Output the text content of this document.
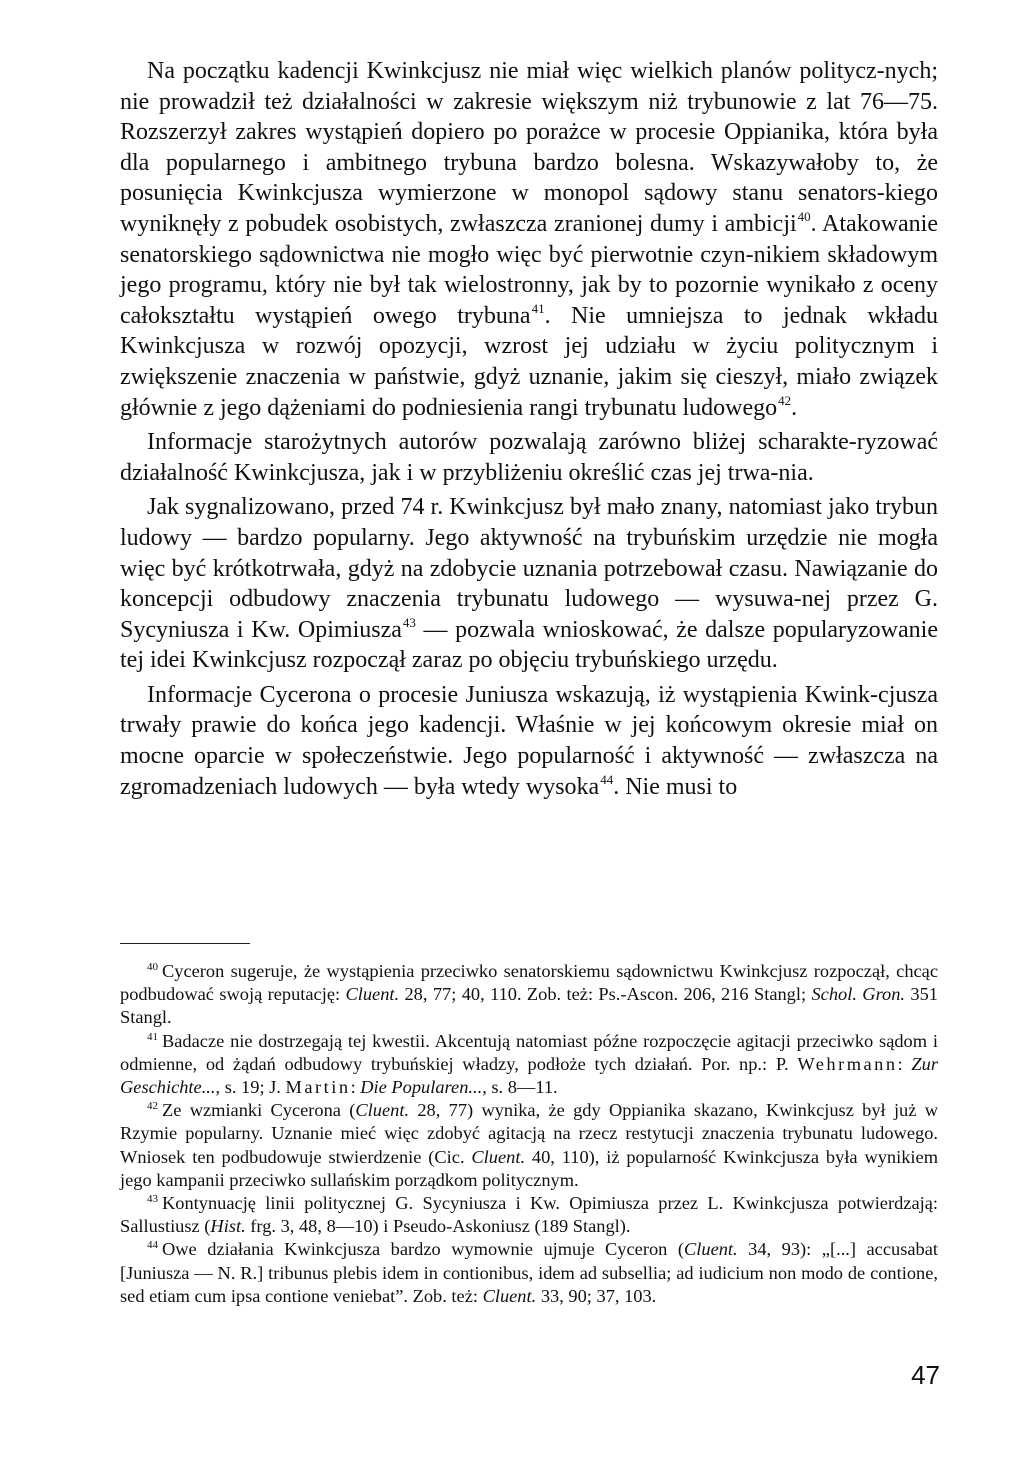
Na początku kadencji Kwinkcjusz nie miał więc wielkich planów politycz-nych; nie prowadził też działalności w zakresie większym niż trybunowie z lat 76—75. Rozszerzył zakres wystąpień dopiero po porażce w procesie Oppianika, która była dla popularnego i ambitnego trybuna bardzo bolesna. Wskazywałoby to, że posunięcia Kwinkcjusza wymierzone w monopol sądowy stanu senators-kiego wyniknęły z pobudek osobistych, zwłaszcza zranionej dumy i ambicji$^{40}$. Atakowanie senatorskiego sądownictwa nie mogło więc być pierwotnie czyn-nikiem składowym jego programu, który nie był tak wielostronny, jak by to pozornie wynikało z oceny całokształtu wystąpień owego trybuna$^{41}$. Nie umniejsza to jednak wkładu Kwinkcjusza w rozwój opozycji, wzrost jej udziału w życiu politycznym i zwiększenie znaczenia w państwie, gdyż uznanie, jakim się cieszył, miało związek głównie z jego dążeniami do podniesienia rangi trybunatu ludowego$^{42}$.

Informacje starożytnych autorów pozwalają zarówno bliżej scharakte-ryzować działalność Kwinkcjusza, jak i w przybliżeniu określić czas jej trwa-nia.

Jak sygnalizowano, przed 74 r. Kwinkcjusz był mało znany, natomiast jako trybun ludowy — bardzo popularny. Jego aktywność na trybuńskim urzędzie nie mogła więc być krótkotrwała, gdyż na zdobycie uznania potrzebował czasu. Nawiązanie do koncepcji odbudowy znaczenia trybunatu ludowego — wysuwa-nej przez G. Sycyniusza i Kw. Opimiusza$^{43}$ — pozwala wnioskować, że dalsze popularyzowanie tej idei Kwinkcjusz rozpoczął zaraz po objęciu trybuńskiego urzędu.

Informacje Cycerona o procesie Juniusza wskazują, iż wystąpienia Kwink-cjusza trwały prawie do końca jego kadencji. Właśnie w jej końcowym okresie miał on mocne oparcie w społeczeństwie. Jego popularność i aktywność — zwłaszcza na zgromadzeniach ludowych — była wtedy wysoka$^{44}$. Nie musi to

$^{40}$ Cyceron sugeruje, że wystąpienia przeciwko senatorskiemu sądownictwu Kwinkcjusz rozpoczął, chcąc podbudować swoją reputację: Cluent. 28, 77; 40, 110. Zob. też: Ps.-Ascon. 206, 216 Stangl; Schol. Gron. 351 Stangl.

$^{41}$ Badacze nie dostrzegają tej kwestii. Akcentują natomiast późne rozpoczęcie agitacji przeciwko sądom i odmienne, od żądań odbudowy trybuńskiej władzy, podłoże tych działań. Por. np.: P. Wehrmann: Zur Geschichte..., s. 19; J. Martin: Die Popularen..., s. 8—11.

$^{42}$ Ze wzmianki Cycerona (Cluent. 28, 77) wynika, że gdy Oppianika skazano, Kwinkcjusz był już w Rzymie popularny. Uznanie mieć więc zdobyć agitacją na rzecz restytucji znaczenia trybunatu ludowego. Wniosek ten podbudowuje stwierdzenie (Cic. Cluent. 40, 110), iż popularność Kwinkcjusza była wynikiem jego kampanii przeciwko sullańskim porządkom politycznym.

$^{43}$ Kontynuację linii politycznej G. Sycyniusza i Kw. Opimiusza przez L. Kwinkcjusza potwierdzają: Sallustiusz (Hist. frg. 3, 48, 8—10) i Pseudo-Askoniusz (189 Stangl).

$^{44}$ Owe działania Kwinkcjusza bardzo wymownie ujmuje Cyceron (Cluent. 34, 93): „[...] accusabat [Juniusza — N. R.] tribunus plebis idem in contionibus, idem ad subsellia; ad iudicium non modo de contione, sed etiam cum ipsa contione veniebat”. Zob. też: Cluent. 33, 90; 37, 103.

47
